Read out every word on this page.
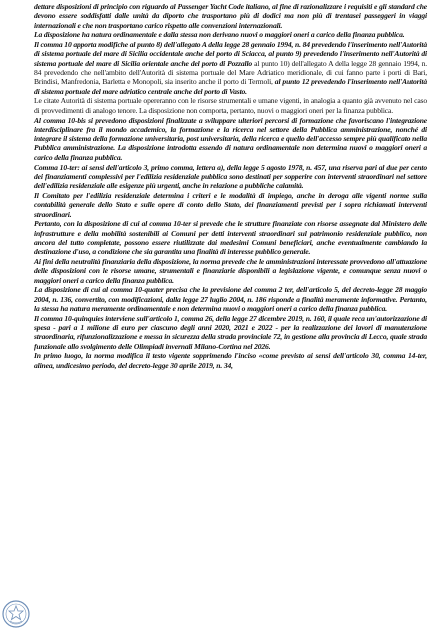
dettare disposizioni di principio con riguardo al Passenger Yacht Code italiano, al fine di razionalizzare i requisiti e gli standard che devono essere soddisfatti dalle unità da diporto che trasportano più di dodici ma non più di trentasei passeggeri in viaggi internazionali e che non trasportano carico rispetto alle convenzioni internazionali.

La disposizione ha natura ordinamentale e dalla stessa non derivano nuovi o maggiori oneri a carico della finanza pubblica.

Il comma 10 apporta modifiche al punto 8) dell'allegato A della legge 28 gennaio 1994, n. 84 prevedendo l'inserimento nell'Autorità di sistema portuale del mare di Sicilia occidentale anche del porto di Sciacca, al punto 9) prevedendo l'inserimento nell'Autorità di sistema portuale del mare di Sicilia orientale anche del porto di Pozzallo al punto 10) dell'allegato A della legge 28 gennaio 1994, n. 84 prevedendo che nell'ambito dell'Autorità di sistema portuale del Mare Adriatico meridionale, di cui fanno parte i porti di Bari, Brindisi, Manfredonia, Barletta e Monopoli, sia inserito anche il porto di Termoli, al punto 12 prevedendo l'inserimento nell'Autorità di sistema portuale del mare adriatico centrale anche del porto di Vasto.

Le citate Autorità di sistema portuale opereranno con le risorse strumentali e umane vigenti, in analogia a quanto già avvenuto nel caso di provvedimenti di analogo tenore. La disposizione non comporta, pertanto, nuovi o maggiori oneri per la finanza pubblica.

Al comma 10-bis si prevedono disposizioni finalizzate a sviluppare ulteriori percorsi di formazione che favoriscano l'integrazione interdisciplinare fra il mondo accademico, la formazione e la ricerca nel settore della Pubblica amministrazione, nonché di integrare il sistema della formazione universitaria, post universitaria, della ricerca e quello dell'accesso sempre più qualificato nella Pubblica amministrazione. La disposizione introdotta essendo di natura ordinamentale non determina nuovi o maggiori oneri a carico della finanza pubblica.

Comma 10-ter: ai sensi dell'articolo 3, primo comma, lettera a), della legge 5 agosto 1978, n. 457, una riserva pari al due per cento dei finanziamenti complessivi per l'edilizia residenziale pubblica sono destinati per sopperire con interventi straordinari nel settore dell'edilizia residenziale alle esigenze più urgenti, anche in relazione a pubbliche calamità.

Il Comitato per l'edilizia residenziale determina i criteri e le modalità di impiego, anche in deroga alle vigenti norme sulla contabilità generale dello Stato e sulle opere di conto dello Stato, dei finanziamenti previsti per i sopra richiamati interventi straordinari.

Pertanto, con la disposizione di cui al comma 10-ter si prevede che le strutture finanziate con risorse assegnate dal Ministero delle infrastrutture e della mobilità sostenibili ai Comuni per detti interventi straordinari sul patrimonio residenziale pubblico, non ancora del tutto completate, possono essere riutilizzate dai medesimi Comuni beneficiari, anche eventualmente cambiando la destinazione d'uso, a condizione che sia garantita una finalità di interesse pubblico generale.

Ai fini della neutralità finanziaria della disposizione, la norma prevede che le amministrazioni interessate provvedono all'attuazione delle disposizioni con le risorse umane, strumentali e finanziarie disponibili a legislazione vigente, e comunque senza nuovi o maggiori oneri a carico della finanza pubblica.

La disposizione di cui al comma 10-quater precisa che la previsione del comma 2 ter, dell'articolo 5, del decreto-legge 28 maggio 2004, n. 136, convertito, con modificazioni, dalla legge 27 luglio 2004, n. 186 risponde a finalità meramente informative. Pertanto, la stessa ha natura meramente ordinamentale e non determina nuovi o maggiori oneri a carico della finanza pubblica.

Il comma 10-quinquies interviene sull'articolo 1, comma 26, della legge 27 dicembre 2019, n. 160, il quale reca un'autorizzazione di spesa - pari a 1 milione di euro per ciascuno degli anni 2020, 2021 e 2022 - per la realizzazione dei lavori di manutenzione straordinaria, rifunzionalizzazione e messa in sicurezza della strada provinciale 72, in gestione alla provincia di Lecco, quale strada funzionale allo svolgimento delle Olimpiadi invernali Milano-Cortina nel 2026.

In primo luogo, la norma modifica il testo vigente sopprimendo l'inciso «come previsto ai sensi dell'articolo 30, comma 14-ter, alinea, undicesimo periodo, del decreto-legge 30 aprile 2019, n. 34,
